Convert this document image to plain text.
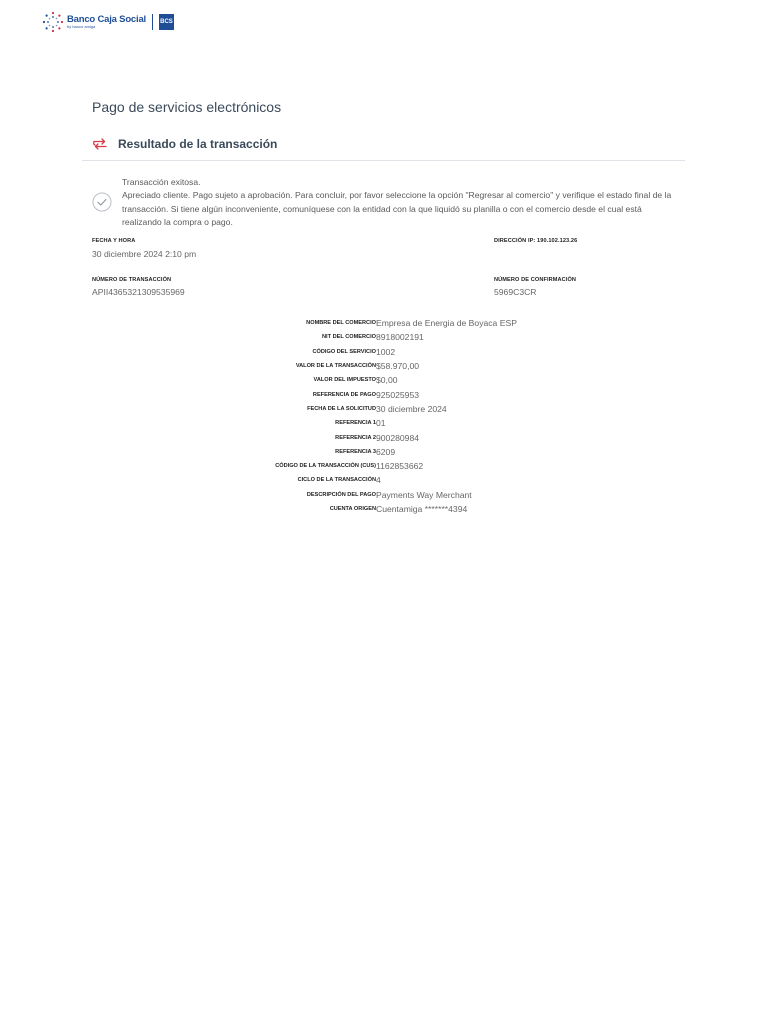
Banco Caja Social
by banco amiga
BCS
Pago de servicios electrónicos
Resultado de la transacción
Transacción exitosa.
Apreciado cliente. Pago sujeto a aprobación. Para concluir, por favor seleccione la opción "Regresar al comercio" y verifique el estado final de la transacción. Si tiene algún inconveniente, comuníquese con la entidad con la que liquidó su planilla o con el comercio desde el cual está realizando la compra o pago.
FECHA Y HORA
30 diciembre 2024 2:10 pm
DIRECCIÓN IP: 190.102.123.26
NÚMERO DE TRANSACCIÓN
APII436532130953596‌9
NÚMERO DE CONFIRMACIÓN
5969C3CR
NOMBRE DEL COMERCIO	Empresa de Energia de Boyaca ESP
NIT DEL COMERCIO	8918002191
CÓDIGO DEL SERVICIO	1002
VALOR DE LA TRANSACCIÓN	$58.970,00
VALOR DEL IMPUESTO	$0,00
REFERENCIA DE PAGO	925025953
FECHA DE LA SOLICITUD	30 diciembre 2024
REFERENCIA 1	01
REFERENCIA 2	900280984
REFERENCIA 3	6209
CÓDIGO DE LA TRANSACCIÓN (CUS)	1162853662
CICLO DE LA TRANSACCIÓN	4
DESCRIPCIÓN DEL PAGO	Payments Way Merchant
CUENTA ORIGEN	Cuentamiga *******4394
